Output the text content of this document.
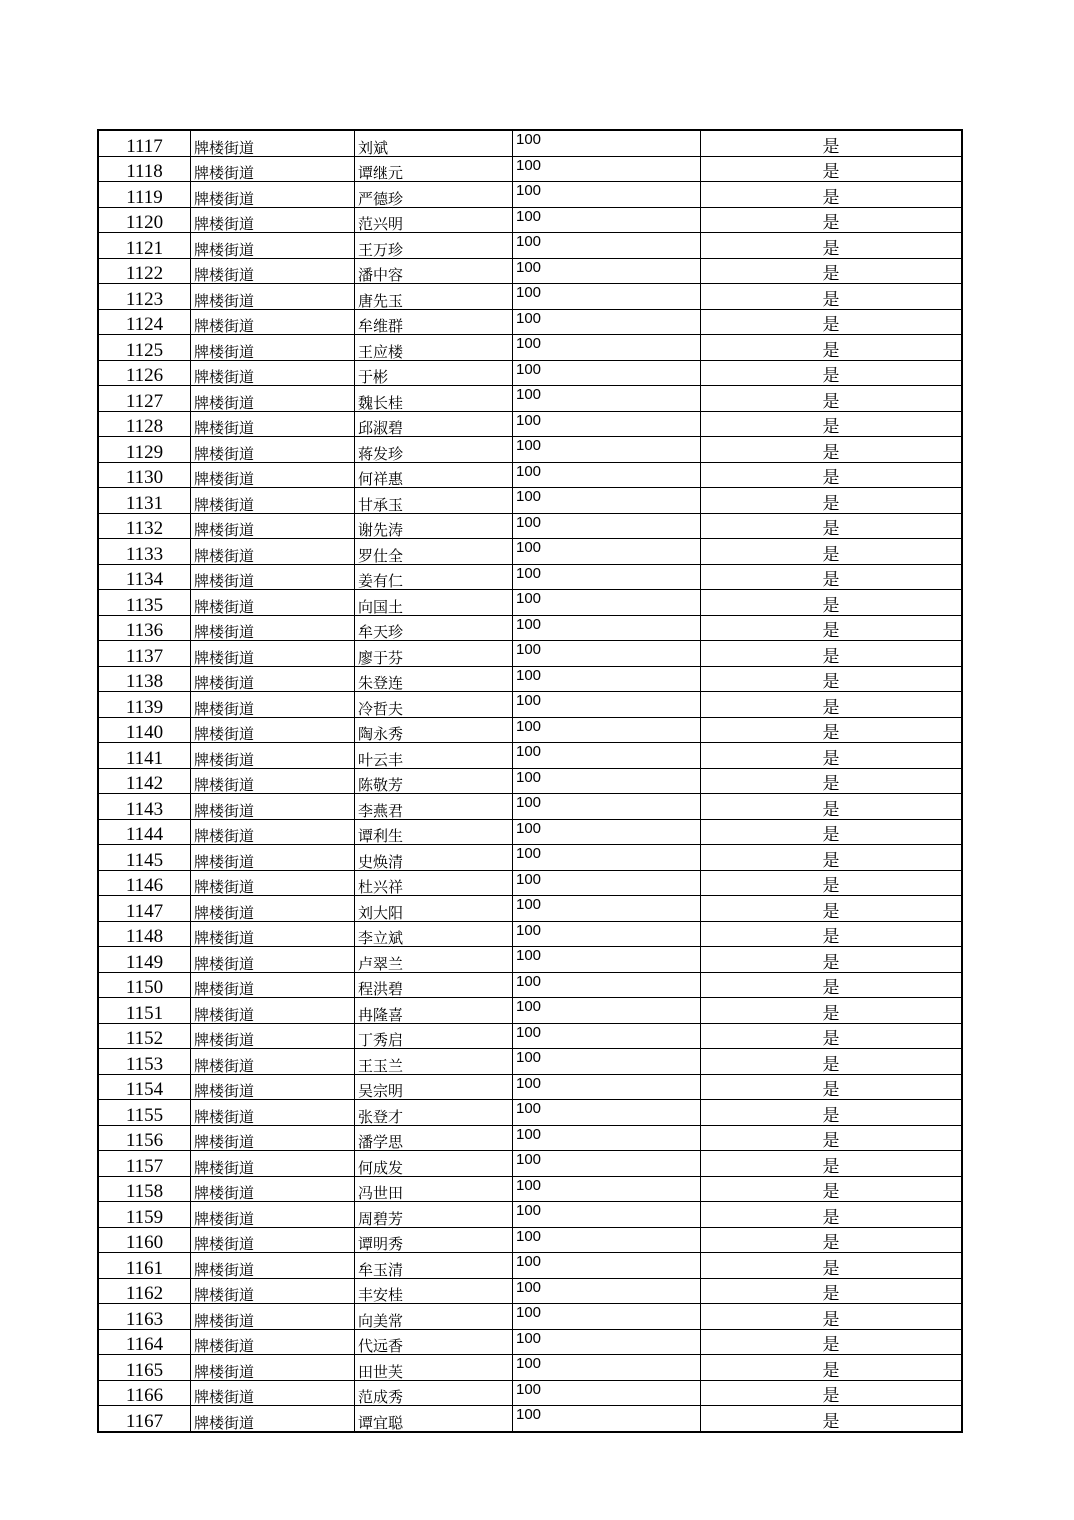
1117	牌楼街道	刘斌	100	是
1118	牌楼街道	谭继元	100	是
1119	牌楼街道	严德珍	100	是
1120	牌楼街道	范兴明	100	是
1121	牌楼街道	王万珍	100	是
1122	牌楼街道	潘中容	100	是
1123	牌楼街道	唐先玉	100	是
1124	牌楼街道	牟维群	100	是
1125	牌楼街道	王应楼	100	是
1126	牌楼街道	于彬	100	是
1127	牌楼街道	魏长桂	100	是
1128	牌楼街道	邱淑碧	100	是
1129	牌楼街道	蒋发珍	100	是
1130	牌楼街道	何祥惠	100	是
1131	牌楼街道	甘承玉	100	是
1132	牌楼街道	谢先涛	100	是
1133	牌楼街道	罗仕全	100	是
1134	牌楼街道	姜有仁	100	是
1135	牌楼街道	向国土	100	是
1136	牌楼街道	牟天珍	100	是
1137	牌楼街道	廖于芬	100	是
1138	牌楼街道	朱登连	100	是
1139	牌楼街道	冷哲夫	100	是
1140	牌楼街道	陶永秀	100	是
1141	牌楼街道	叶云丰	100	是
1142	牌楼街道	陈敬芳	100	是
1143	牌楼街道	李燕君	100	是
1144	牌楼街道	谭利生	100	是
1145	牌楼街道	史焕清	100	是
1146	牌楼街道	杜兴祥	100	是
1147	牌楼街道	刘大阳	100	是
1148	牌楼街道	李立斌	100	是
1149	牌楼街道	卢翠兰	100	是
1150	牌楼街道	程洪碧	100	是
1151	牌楼街道	冉隆喜	100	是
1152	牌楼街道	丁秀启	100	是
1153	牌楼街道	王玉兰	100	是
1154	牌楼街道	吴宗明	100	是
1155	牌楼街道	张登才	100	是
1156	牌楼街道	潘学思	100	是
1157	牌楼街道	何成发	100	是
1158	牌楼街道	冯世田	100	是
1159	牌楼街道	周碧芳	100	是
1160	牌楼街道	谭明秀	100	是
1161	牌楼街道	牟玉清	100	是
1162	牌楼街道	丰安桂	100	是
1163	牌楼街道	向美常	100	是
1164	牌楼街道	代远香	100	是
1165	牌楼街道	田世芙	100	是
1166	牌楼街道	范成秀	100	是
1167	牌楼街道	谭宜聪	100	是
